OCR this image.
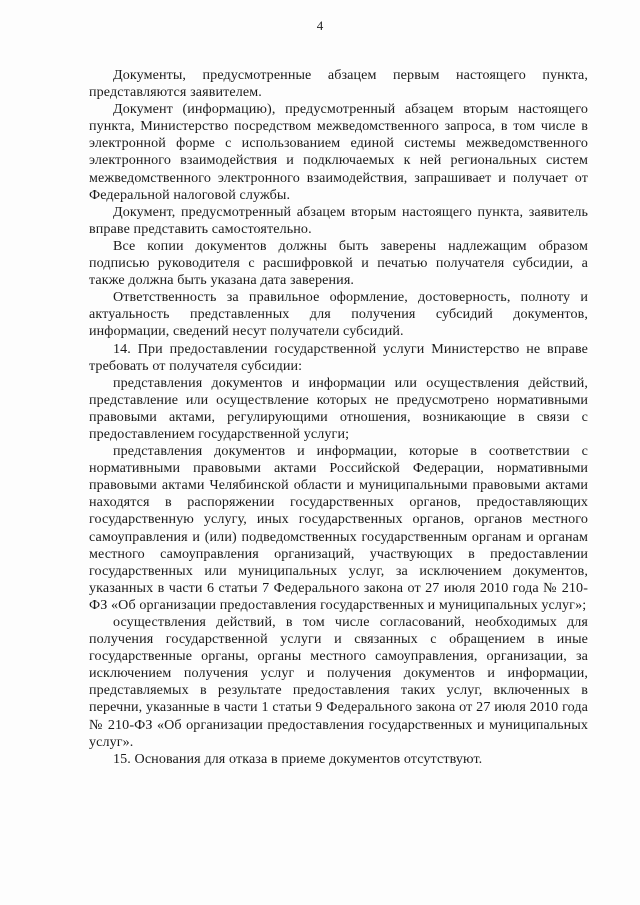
4

Документы, предусмотренные абзацем первым настоящего пункта, представляются заявителем.

Документ (информацию), предусмотренный абзацем вторым настоящего пункта, Министерство посредством межведомственного запроса, в том числе в электронной форме с использованием единой системы межведомственного электронного взаимодействия и подключаемых к ней региональных систем межведомственного электронного взаимодействия, запрашивает и получает от Федеральной налоговой службы.

Документ, предусмотренный абзацем вторым настоящего пункта, заявитель вправе представить самостоятельно.

Все копии документов должны быть заверены надлежащим образом подписью руководителя с расшифровкой и печатью получателя субсидии, а также должна быть указана дата заверения.

Ответственность за правильное оформление, достоверность, полноту и актуальность представленных для получения субсидий документов, информации, сведений несут получатели субсидий.

14. При предоставлении государственной услуги Министерство не вправе требовать от получателя субсидии:

представления документов и информации или осуществления действий, представление или осуществление которых не предусмотрено нормативными правовыми актами, регулирующими отношения, возникающие в связи с предоставлением государственной услуги;

представления документов и информации, которые в соответствии с нормативными правовыми актами Российской Федерации, нормативными правовыми актами Челябинской области и муниципальными правовыми актами находятся в распоряжении государственных органов, предоставляющих государственную услугу, иных государственных органов, органов местного самоуправления и (или) подведомственных государственным органам и органам местного самоуправления организаций, участвующих в предоставлении государственных или муниципальных услуг, за исключением документов, указанных в части 6 статьи 7 Федерального закона от 27 июля 2010 года № 210-ФЗ «Об организации предоставления государственных и муниципальных услуг»;

осуществления действий, в том числе согласований, необходимых для получения государственной услуги и связанных с обращением в иные государственные органы, органы местного самоуправления, организации, за исключением получения услуг и получения документов и информации, представляемых в результате предоставления таких услуг, включенных в перечни, указанные в части 1 статьи 9 Федерального закона от 27 июля 2010 года № 210-ФЗ «Об организации предоставления государственных и муниципальных услуг».

15. Основания для отказа в приеме документов отсутствуют.
